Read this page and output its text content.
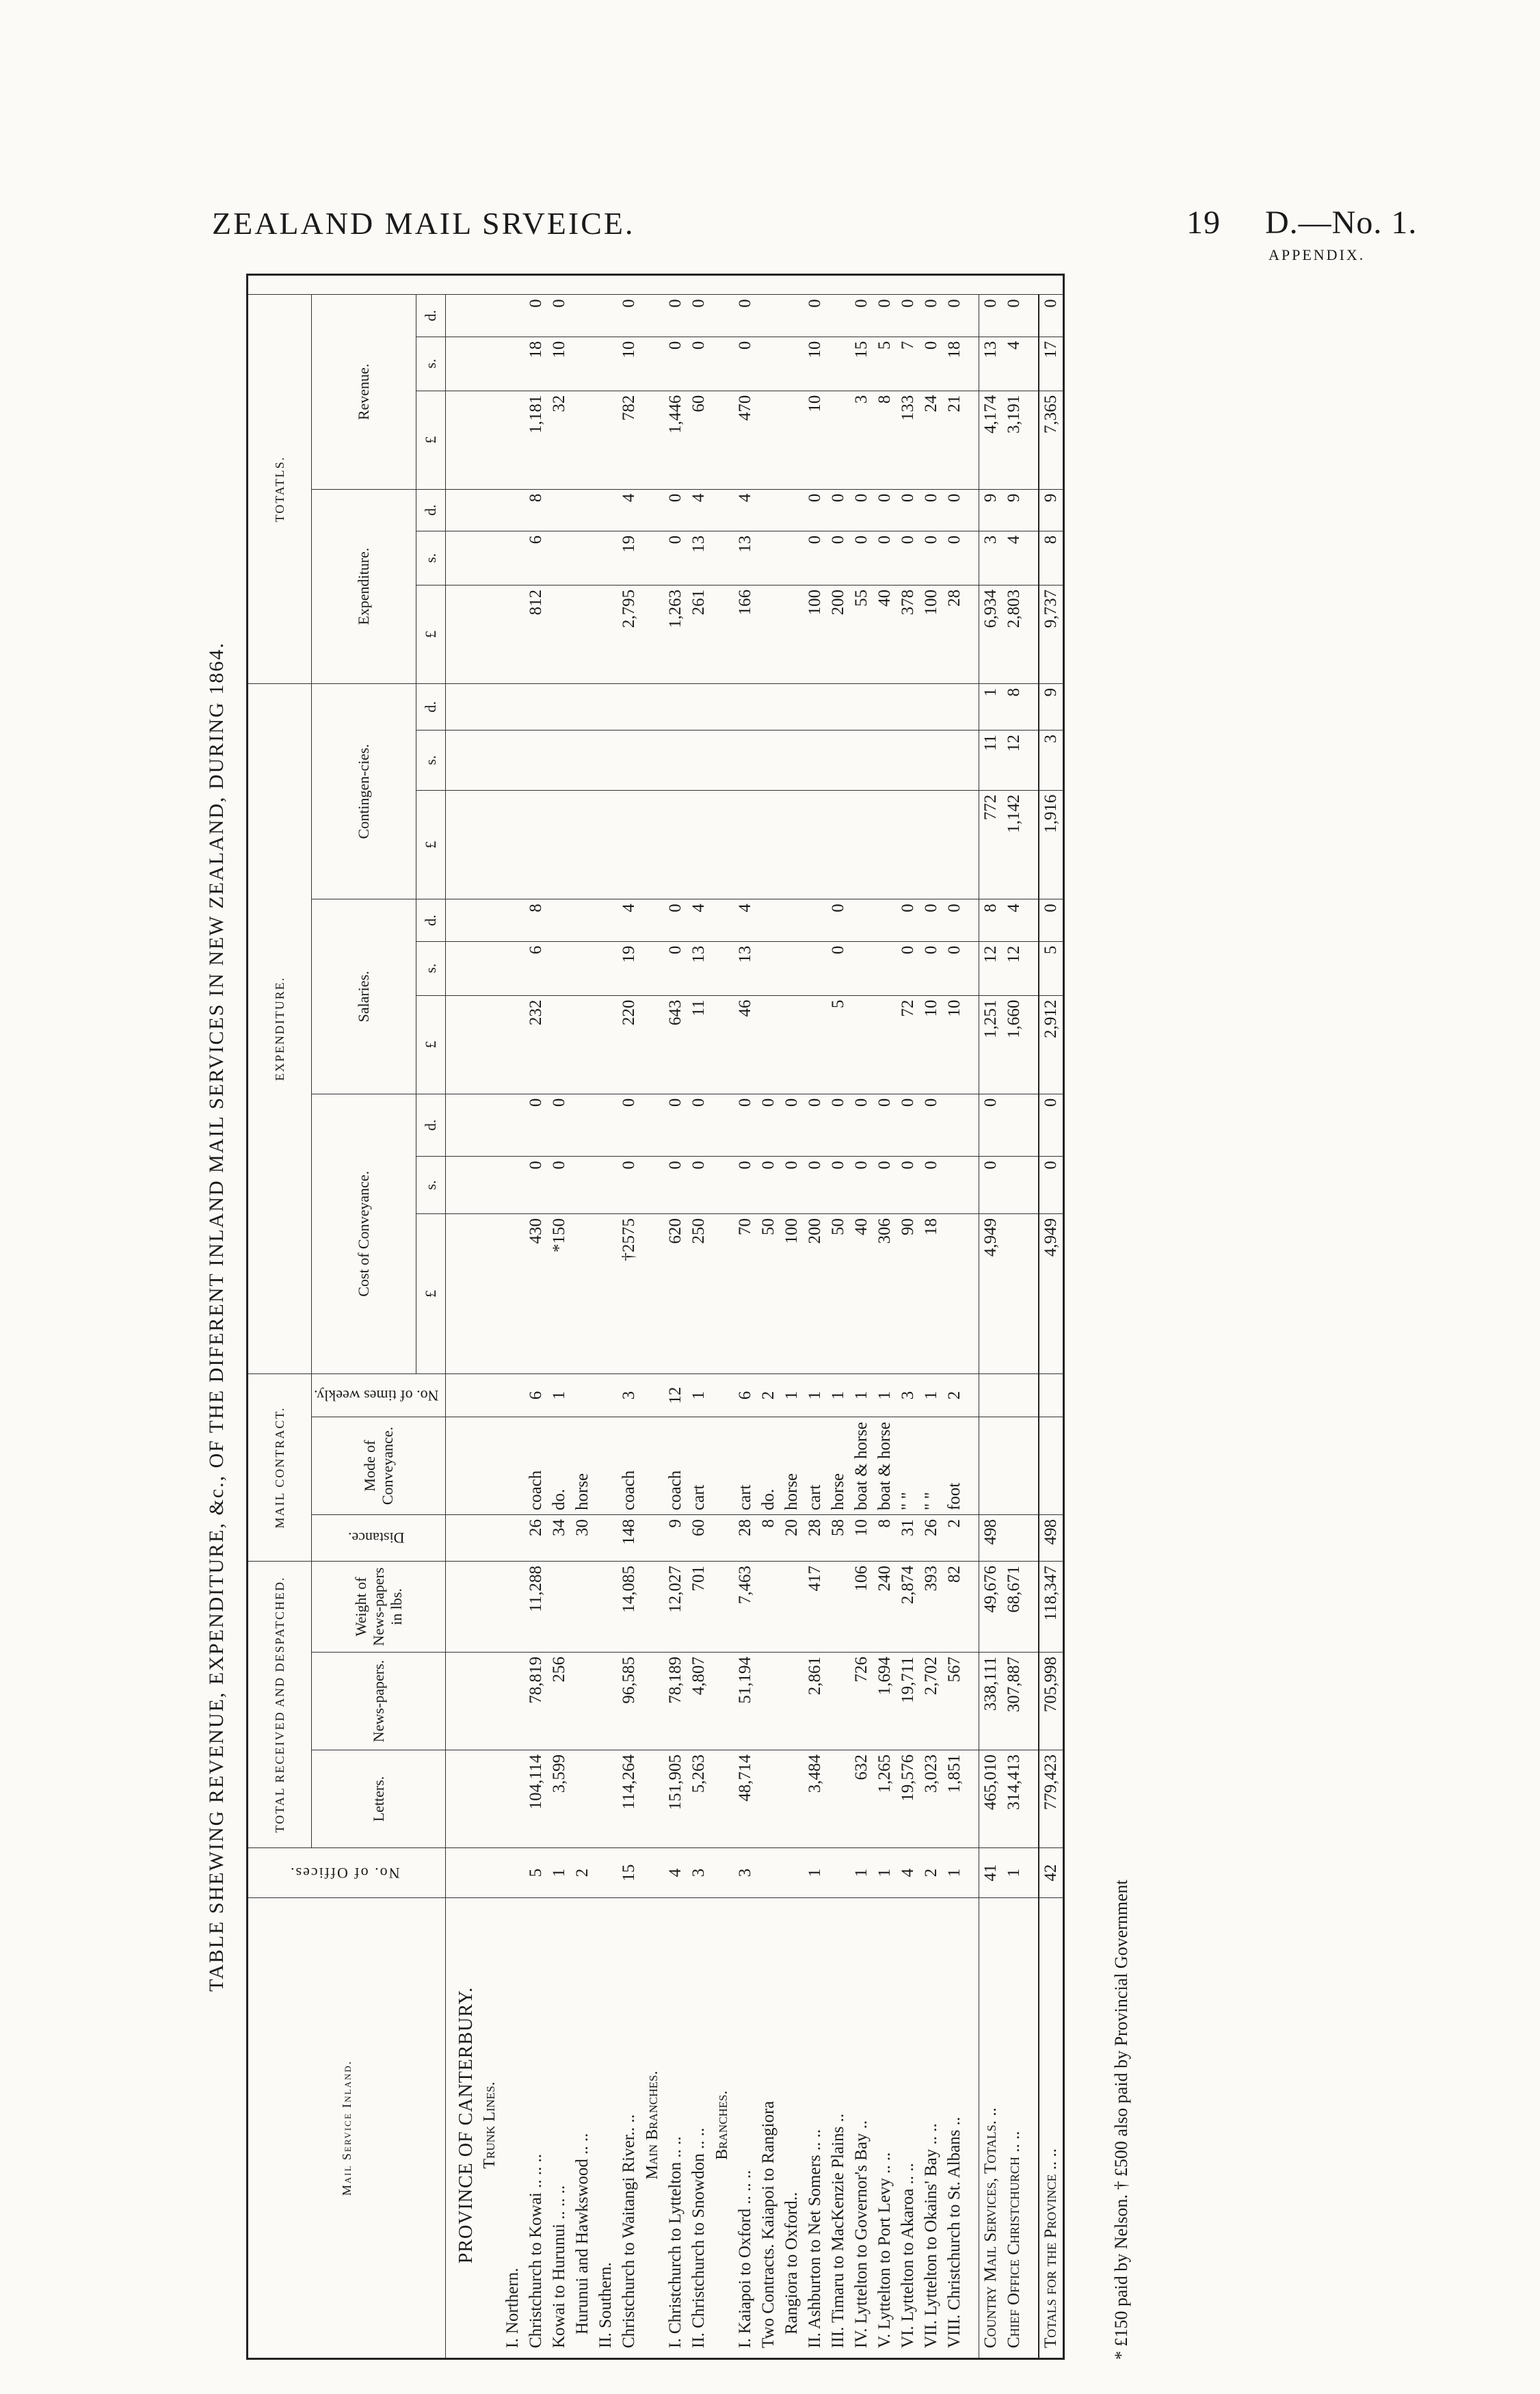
ZEALAND MAIL SRVEICE.	19 D.—No. 1.
APPENDIX.
TABLE SHEWING REVENUE, EXPENDITURE, &c., OF THE DIFERENT INLAND MAIL SERVICES IN NEW ZEALAND, DURING 1864.
Mail Service Inland.	No. of Offices.	TOTAL RECEIVED AND DESPATCHED.			MAIL CONTRACT.			EXPENDITURE.									TOTATLS.						
		Letters.	News-papers.	Weight of News-papers in lbs.	Distance.	Mode of Conveyance.	No. of times weekly.	Cost of Conveyance.			Salaries.			Contingen-cies.			Expenditure.			Revenue.			
								£	s.	d.	£	s.	d.	£	s.	d.	£	s.	d.	£	s.	d.	
PROVINCE OF CANTERBURY.																							
Trunk Lines.																							
I. Northern.																							
Christchurch to Kowai .. .. ..	5	104,114	78,819	11,288	26	coach	6	430	0	0	232	6	8				812	6	8	1,181	18	0	
Kowai to Hurunui .. .. ..	1	3,599	256		34	do.	1	*150	0	0										32	10	0	
Hurunui and Hawkswood .. ..	2				30	horse																	
II. Southern.																							
Christchurch to Waitangi River.. ..	15	114,264	96,585	14,085	148	coach	3	†2575	0	0	220	19	4				2,795	19	4	782	10	0	
Main Branches.																							
I. Christchurch to Lyttelton .. ..	4	151,905	78,189	12,027	9	coach	12	620	0	0	643	0	0				1,263	0	0	1,446	0	0	
II. Christchurch to Snowdon .. ..	3	5,263	4,807	701	60	cart	1	250	0	0	11	13	4				261	13	4	60	0	0	
Branches.																							
I. Kaiapoi to Oxford .. .. ..	3	48,714	51,194	7,463	28	cart	6	70	0	0	46	13	4				166	13	4	470	0	0	
Two Contracts. Kaiapoi to Rangiora					8	do.	2	50	0	0													
Rangiora to Oxford..					20	horse	1	100	0	0													
II. Ashburton to Net Somers .. ..	1	3,484	2,861	417	28	cart	1	200	0	0							100	0	0	10	10	0	
III. Timaru to MacKenzie Plains ..					58	horse	1	50	0	0	5	0	0				200	0	0				
IV. Lyttelton to Governor's Bay ..	1	632	726	106	10	boat & horse	1	40	0	0							55	0	0	3	15	0	
V. Lyttelton to Port Levy .. ..	1	1,265	1,694	240	8	boat & horse	1	306	0	0							40	0	0	8	5	0	
VI. Lyttelton to Akaroa .. ..	4	19,576	19,711	2,874	31	" "	3	90	0	0	72	0	0				378	0	0	133	7	0	
VII. Lyttelton to Okains' Bay .. ..	2	3,023	2,702	393	26	" "	1	18	0	0	10	0	0				100	0	0	24	0	0	
VIII. Christchurch to St. Albans ..	1	1,851	567	82	2	foot	2				10	0	0				28	0	0	21	18	0	

Country Mail Services, Totals. ..	41	465,010	338,111	49,676	498			4,949	0	0	1,251	12	8	772	11	1	6,934	3	9	4,174	13	0	
Chief Office Christchurch .. ..	1	314,413	307,887	68,671							1,660	12	4	1,142	12	8	2,803	4	9	3,191	4	0	

Totals for the Province .. ..	42	779,423	705,998	118,347	498			4,949	0	0	2,912	5	0	1,916	3	9	9,737	8	9	7,365	17	0	
* £150 paid by Nelson. † £500 also paid by Provincial Government
